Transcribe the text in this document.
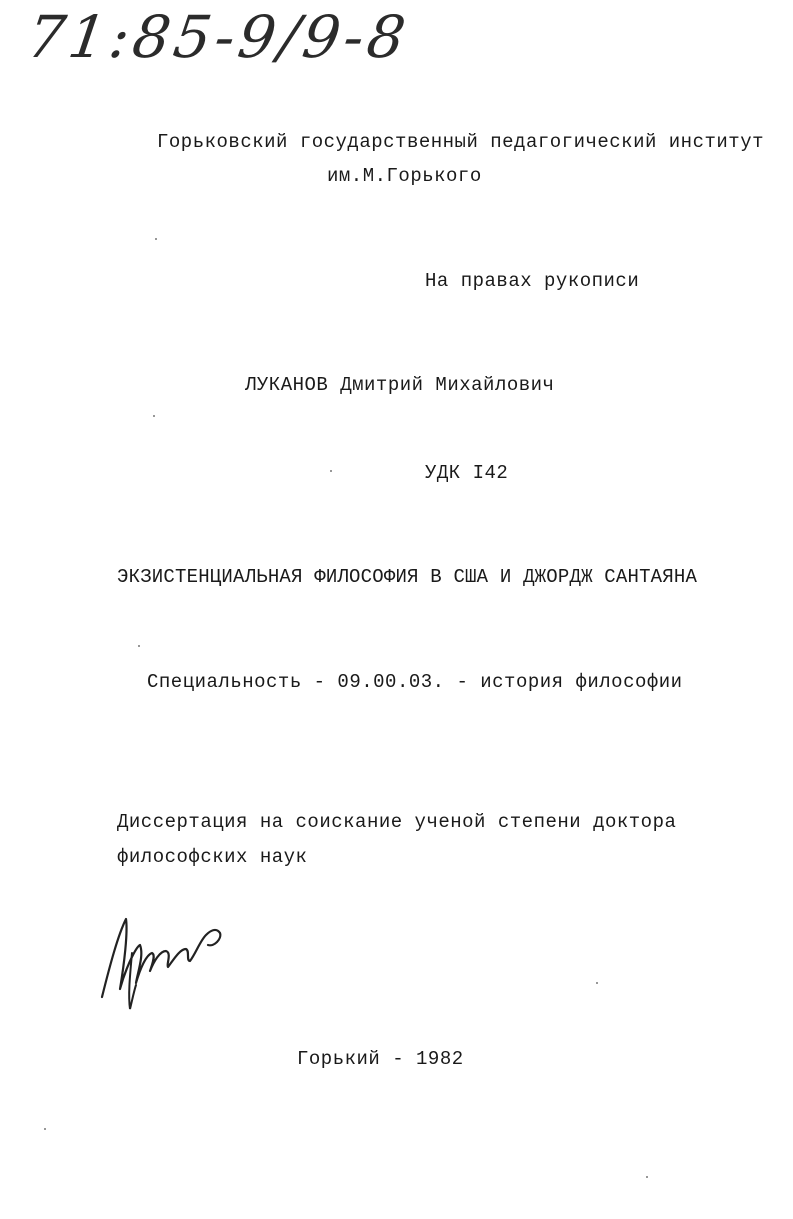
71:85-9/9-8
Горьковский государственный педагогический институт
им.М.Горького
На правах рукописи
ЛУКАНОВ Дмитрий Михайлович
УДК I42
ЭКЗИСТЕНЦИАЛЬНАЯ ФИЛОСОФИЯ В США И ДЖОРДЖ САНТАЯНА
Специальность - 09.00.03. - история философии
Диссертация на соискание ученой степени доктора
философских наук
Горький - 1982
